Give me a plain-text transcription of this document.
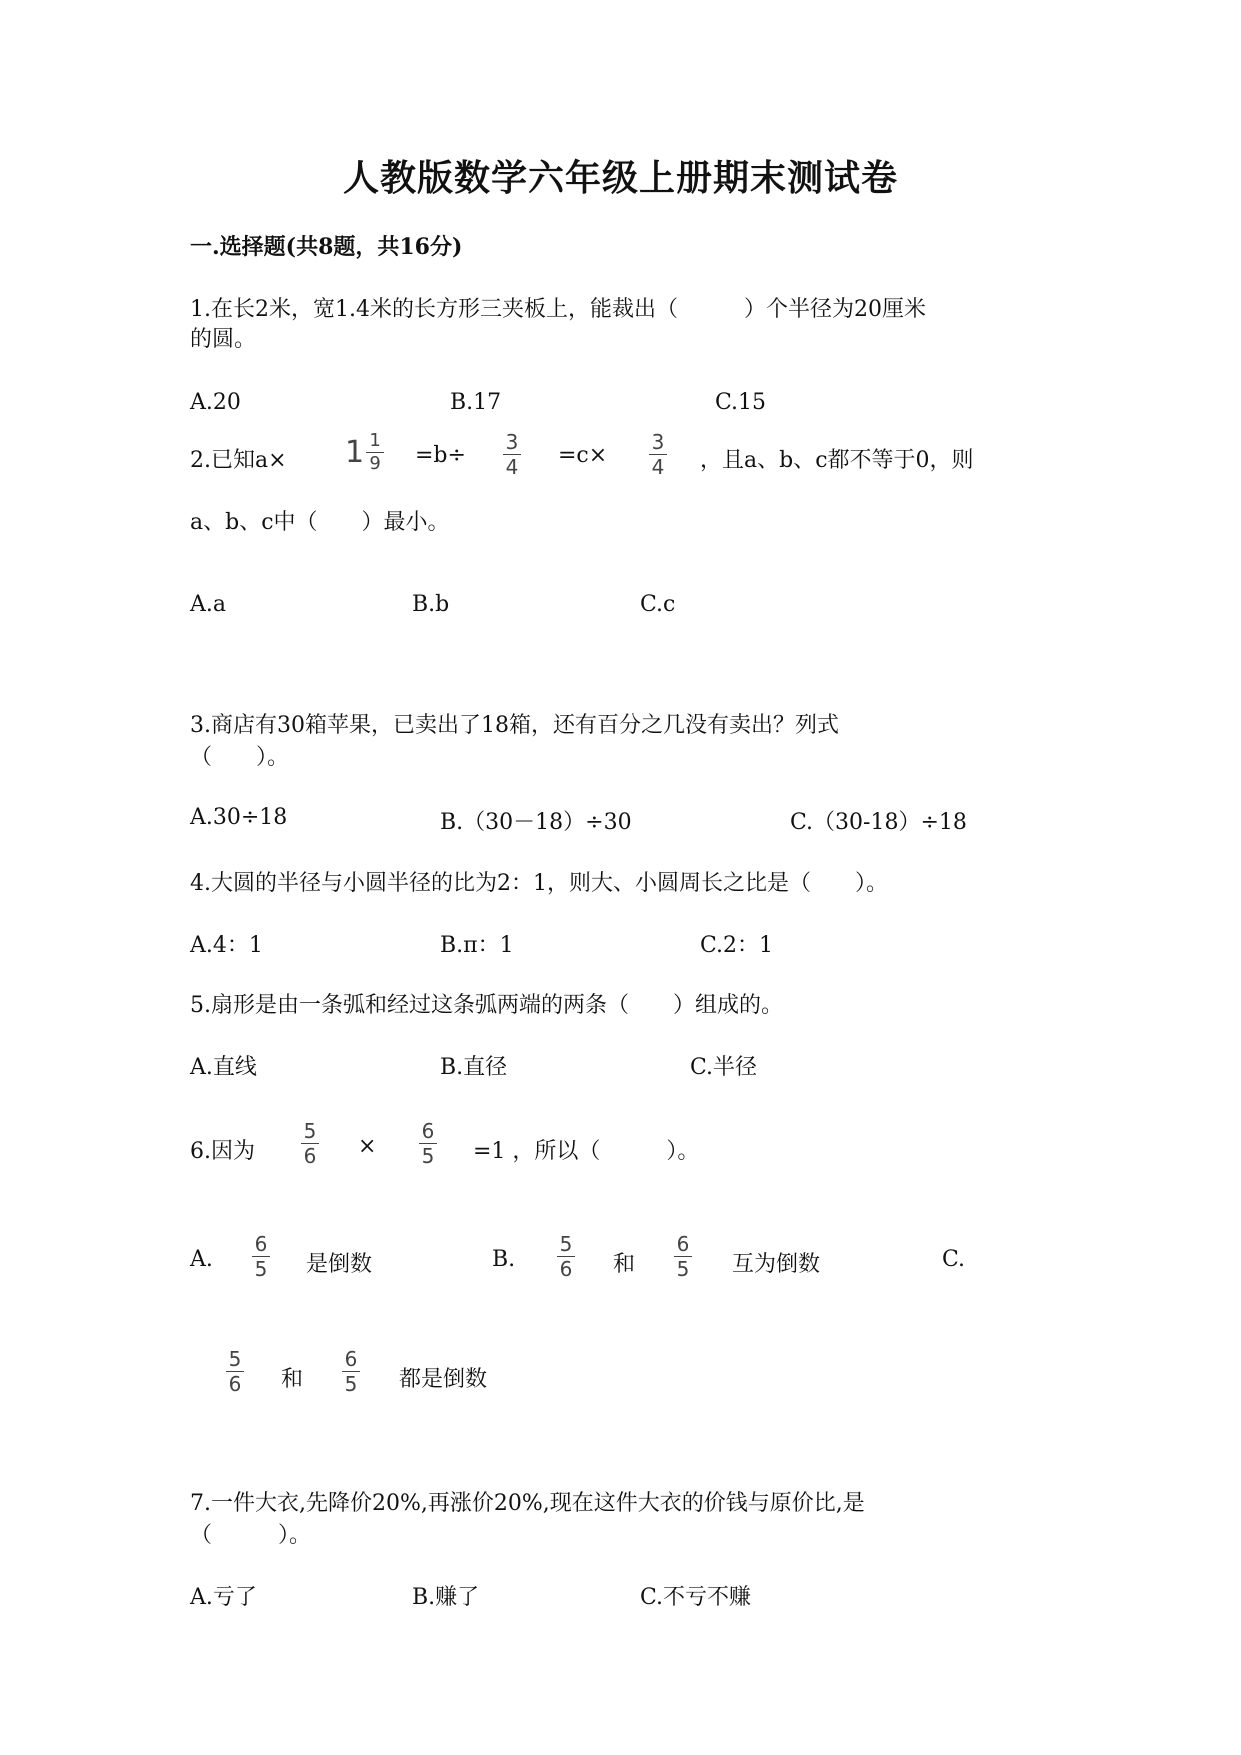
人教版数学六年级上册期末测试卷
一.选择题(共8题，共16分)
1.在长2米，宽1.4米的长方形三夹板上，能裁出（　　　）个半径为20厘米
的圆。
A.20	B.17	C.15
2.已知$a\times 1 \frac{1}{9} =b\div$
3
4 =c×
3
4 ，且a、b、c都不等于0，则
a、b、c中（　　）最小。
A.a	B.b	C.c
3.商店有30箱苹果，已卖出了18箱，还有百分之几没有卖出？列式
（　　）。
A.30÷18	B.（30－18）÷30	C.（30-18）÷18
4.大圆的半径与小圆半径的比为2：1，则大、小圆周长之比是（　　）。
A.4：1	B.π：1	C.2：1
5.扇形是由一条弧和经过这条弧两端的两条（　　）组成的。
A.直线	B.直径	C.半径
6.因为
5
6 ×
6
5 =1 ，所以（　　　）。
A.
6
5 是倒数	B.
5
6 和
6
5 互为倒数	C.
5
6 和
6
5 都是倒数
7.一件大衣,先降价20%,再涨价20%,现在这件大衣的价钱与原价比,是
（　　　）。
A.亏了	B.赚了	C.不亏不赚
